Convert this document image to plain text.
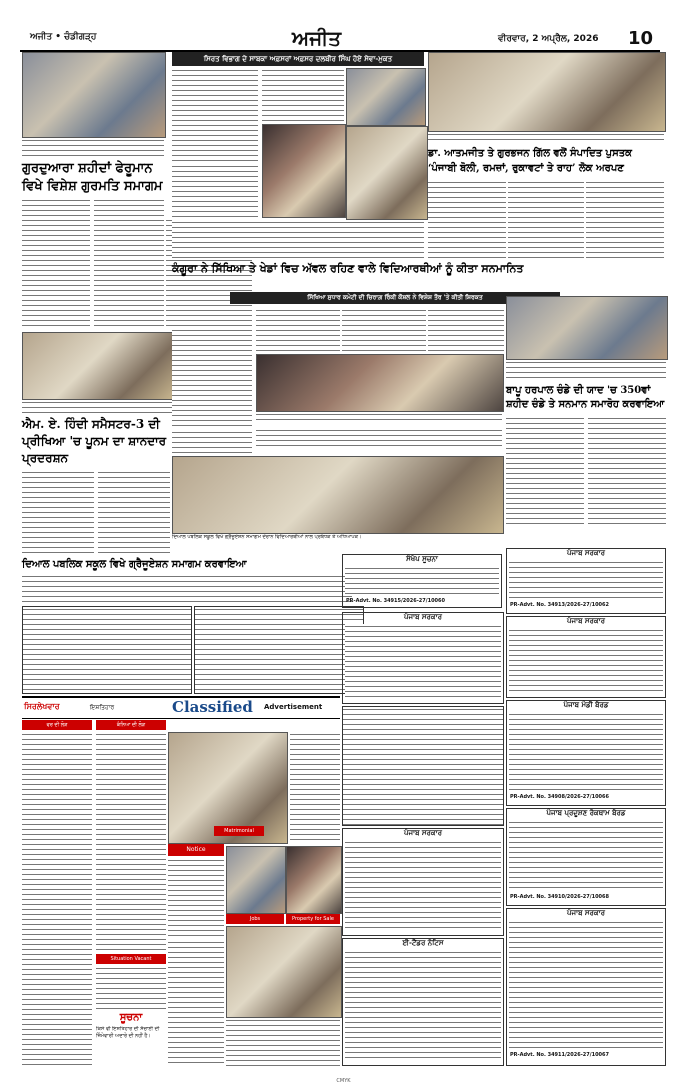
ਅਜੀਤ • ਚੰਡੀਗੜ੍ਹ	ਅਜੀਤ	ਵੀਰਵਾਰ, 2 ਅਪ੍ਰੈਲ, 2026 10
ਗੁਰਦੁਆਰਾ ਸ਼ਹੀਦਾਂ ਫੇਰੂਮਾਨ ਵਿਖੇ ਵਿਸ਼ੇਸ਼ ਗੁਰਮਤਿ ਸਮਾਗਮ
ਐਮ. ਏ. ਹਿੰਦੀ ਸਮੈਸਟਰ-3 ਦੀ ਪ੍ਰੀਖਿਆ 'ਚ ਪੂਨਮ ਦਾ ਸ਼ਾਨਦਾਰ ਪ੍ਰਦਰਸ਼ਨ
ਸਿਰਤ ਵਿਭਾਗ ਦੇ ਸਾਬਕਾ ਅਫ਼ਸਰਾਂ ਅਫ਼ਸਰ ਦਲਬੀਰ ਸਿੰਘ ਹੋਏ ਸੇਵਾ-ਮੁਕਤ
ਡਾ. ਆਤਮਜੀਤ ਤੇ ਗੁਰਭਜਨ ਗਿੱਲ ਵਲੋਂ ਸੰਪਾਦਿਤ ਪੁਸਤਕ ‘ਪੰਜਾਬੀ ਬੋਲੀ, ਰਮਜ਼ਾਂ, ਰੁਕਾਵਟਾਂ ਤੇ ਰਾਹ’ ਲੋਕ ਅਰਪਣ
ਕੰਗੂਰਾ ਨੇ ਸਿੱਖਿਆ ਤੇ ਖੇਡਾਂ ਵਿਚ ਅੱਵਲ ਰਹਿਣ ਵਾਲੇ ਵਿਦਿਆਰਥੀਆਂ ਨੂੰ ਕੀਤਾ ਸਨਮਾਨਿਤ
ਸਿੱਖਿਆ ਸੁਧਾਰ ਕਮੇਟੀ ਦੀ ਚਿਰਾਗ਼ ਰਿੰਕੀ ਕੌਸ਼ਲ ਨੇ ਵਿਸ਼ੇਸ਼ ਤੌਰ 'ਤੇ ਕੀਤੀ ਸ਼ਿਰਕਤ
ਬਾਪੂ ਹਰਪਾਲ ਚੰਡੇ ਦੀ ਯਾਦ 'ਚ 350ਵਾਂ ਸ਼ਹੀਦ ਚੰਡੇ ਤੇ ਸਨਮਾਨ ਸਮਾਰੋਹ ਕਰਵਾਇਆ
ਦਿਆਲ ਪਬਲਿਕ ਸਕੂਲ ਵਿਖੇ ਗ੍ਰੈਜੂਏਸ਼ਨ ਸਮਾਗਮ ਦੌਰਾਨ ਵਿਦਿਆਰਥੀਆਂ ਨਾਲ ਪ੍ਰਬੰਧਕ ਤੇ ਅਧਿਆਪਕ।
ਦਿਆਲ ਪਬਲਿਕ ਸਕੂਲ ਵਿਖੇ ਗ੍ਰੈਜੂਏਸ਼ਨ ਸਮਾਗਮ ਕਰਵਾਇਆ	ਸੰਖੇਪ ਸੂਚਨਾ
PR-Advt. No. 34915/2026-27/10060
ਪੰਜਾਬ ਸਰਕਾਰ
PR-Advt. No. 34913/2026-27/10062
ਪੰਜਾਬ ਸਰਕਾਰ
ਪੰਜਾਬ ਸਰਕਾਰ
ਪੰਜਾਬ ਮੰਡੀ ਬੋਰਡ
PR-Advt. No. 34908/2026-27/10066
ਪੰਜਾਬ ਪ੍ਰਦੂਸ਼ਣ ਰੋਕਥਾਮ ਬੋਰਡ
PR-Advt. No. 34910/2026-27/10068
ਪੰਜਾਬ ਸਰਕਾਰ
PR-Advt. No. 34911/2026-27/10067
ਪੰਜਾਬ ਸਰਕਾਰ
ਈ-ਟੈਂਡਰ ਨੋਟਿਸ
ਸਿਰਲੇਖਵਾਰ	ਇਸ਼ਤਿਹਾਰ	Classified Advertisement
ਵਰ ਦੀ ਲੋੜ	ਕੰਨਿਆ ਦੀ ਲੋੜ
Matrimonial
Notice
Jobs	Property for Sale
Situation Vacant
ਸੂਚਨਾ
ਕਿਸੇ ਵੀ ਇਸ਼ਤਿਹਾਰ ਦੀ ਸੱਚਾਈ ਦੀ ਜ਼ਿੰਮੇਵਾਰੀ ਅਦਾਰੇ ਦੀ ਨਹੀਂ ਹੈ।
CMYK
